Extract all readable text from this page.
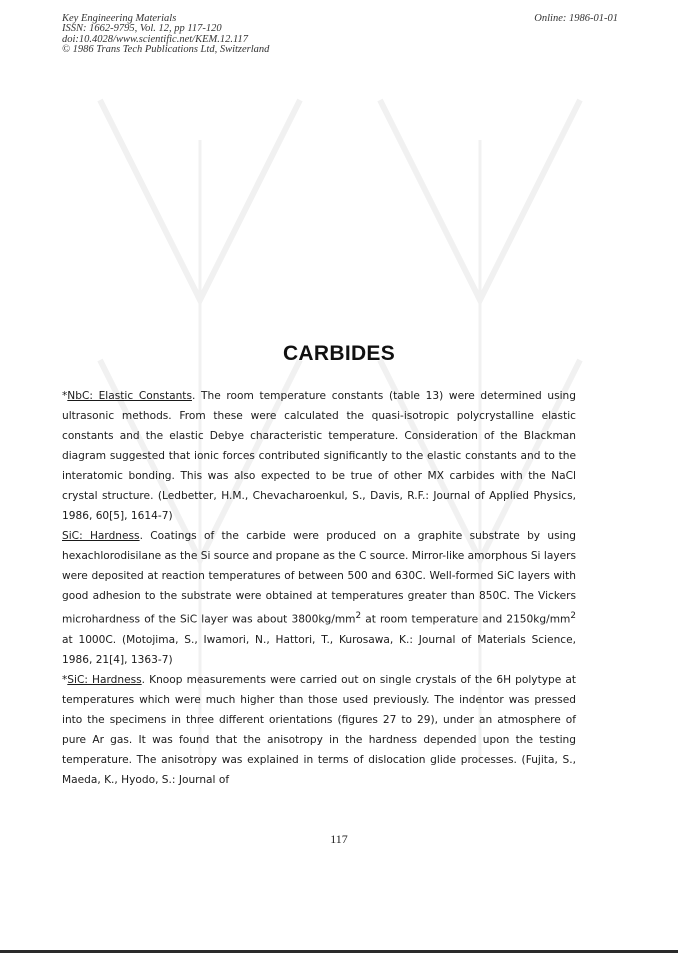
Key Engineering Materials
ISSN: 1662-9795, Vol. 12, pp 117-120
doi:10.4028/www.scientific.net/KEM.12.117
© 1986 Trans Tech Publications Ltd, Switzerland
Online: 1986-01-01
CARBIDES

*NbC: Elastic Constants. The room temperature constants (table 13) were determined using ultrasonic methods. From these were calculated the quasi-isotropic polycrystalline elastic constants and the elastic Debye characteristic temperature. Consideration of the Blackman diagram suggested that ionic forces contributed significantly to the elastic constants and to the interatomic bonding. This was also expected to be true of other MX carbides with the NaCl crystal structure. (Ledbetter, H.M., Chevacharoenkul, S., Davis, R.F.: Journal of Applied Physics, 1986, 60[5], 1614-7)

SiC: Hardness. Coatings of the carbide were produced on a graphite substrate by using hexachlorodisilane as the Si source and propane as the C source. Mirror-like amorphous Si layers were deposited at reaction temperatures of between 500 and 630C. Well-formed SiC layers with good adhesion to the substrate were obtained at temperatures greater than 850C. The Vickers microhardness of the SiC layer was about $3800kg/mm^2$ at room temperature and $2150kg/mm^2$ at 1000C. (Motojima, S., Iwamori, N., Hattori, T., Kurosawa, K.: Journal of Materials Science, 1986, 21[4], 1363-7)

*SiC: Hardness. Knoop measurements were carried out on single crystals of the 6H polytype at temperatures which were much higher than those used previously. The indentor was pressed into the specimens in three different orientations (figures 27 to 29), under an atmosphere of pure Ar gas. It was found that the anisotropy in the hardness depended upon the testing temperature. The anisotropy was explained in terms of dislocation glide processes. (Fujita, S., Maeda, K., Hyodo, S.: Journal of

117
